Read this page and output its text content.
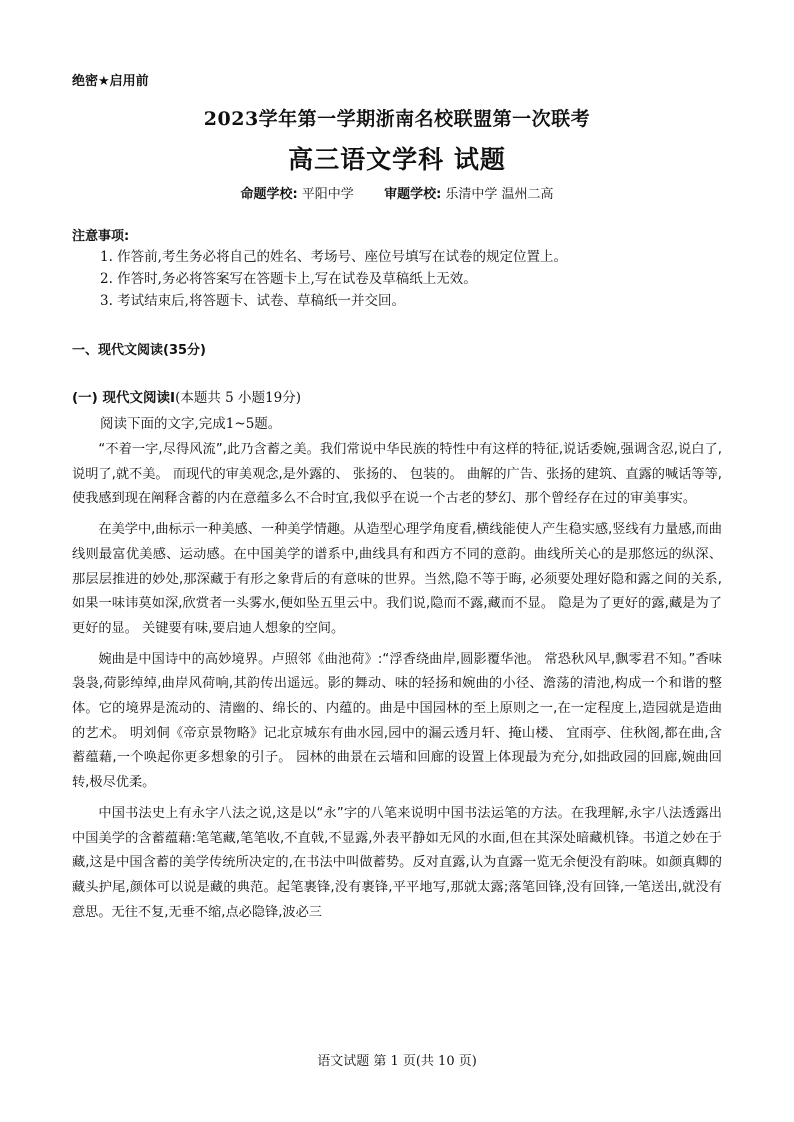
绝密★启用前
2023学年第一学期浙南名校联盟第一次联考
高三语文学科 试题
命题学校: 平阳中学 审题学校: 乐清中学 温州二高
注意事项:
1. 作答前,考生务必将自己的姓名、考场号、座位号填写在试卷的规定位置上。
2. 作答时,务必将答案写在答题卡上,写在试卷及草稿纸上无效。
3. 考试结束后,将答题卡、试卷、草稿纸一并交回。
一、现代文阅读(35分)
(一) 现代文阅读Ⅰ(本题共 5 小题19分)
阅读下面的文字,完成1~5题。

“不着一字,尽得风流”,此乃含蓄之美。我们常说中华民族的特性中有这样的特征,说话委婉,强调含忍,说白了,说明了,就不美。 而现代的审美观念,是外露的、 张扬的、 包装的。 曲解的广告、张扬的建筑、直露的喊话等等,使我感到现在阐释含蓄的内在意蕴多么不合时宜,我似乎在说一个古老的梦幻、那个曾经存在过的审美事实。

在美学中,曲标示一种美感、一种美学情趣。从造型心理学角度看,横线能使人产生稳实感,竖线有力量感,而曲线则最富优美感、运动感。在中国美学的谱系中,曲线具有和西方不同的意韵。曲线所关心的是那悠远的纵深、那层层推进的妙处,那深藏于有形之象背后的有意味的世界。当然,隐不等于晦, 必须要处理好隐和露之间的关系,如果一味讳莫如深,欣赏者一头雾水,便如坠五里云中。我们说,隐而不露,藏而不显。 隐是为了更好的露,藏是为了更好的显。 关键要有味,要启迪人想象的空间。

婉曲是中国诗中的高妙境界。卢照邻《曲池荷》:“浮香绕曲岸,圆影覆华池。 常恐秋风早,飘零君不知。”香味袅袅,荷影绰绰,曲岸风荷响,其韵传出遥远。影的舞动、味的轻扬和婉曲的小径、澹荡的清池,构成一个和谐的整体。它的境界是流动的、清幽的、绵长的、内蕴的。曲是中国园林的至上原则之一,在一定程度上,造园就是造曲的艺术。 明刘侗《帝京景物略》记北京城东有曲水园,园中的漏云透月轩、掩山楼、 宜雨亭、住秋阁,都在曲,含蓄蕴藉,一个唤起你更多想象的引子。 园林的曲景在云墙和回廊的设置上体现最为充分,如拙政园的回廊,婉曲回转,极尽优柔。

中国书法史上有永字八法之说,这是以“永”字的八笔来说明中国书法运笔的方法。在我理解,永字八法透露出中国美学的含蓄蕴藉:笔笔藏,笔笔收,不直戟,不显露,外表平静如无风的水面,但在其深处暗藏机锋。书道之妙在于藏,这是中国含蓄的美学传统所决定的,在书法中叫做蓄势。反对直露,认为直露一览无余便没有韵味。如颜真卿的藏头护尾,颜体可以说是藏的典范。起笔裹锋,没有裹锋,平平地写,那就太露;落笔回锋,没有回锋,一笔送出,就没有意思。无往不复,无垂不缩,点必隐锋,波必三

语文试题 第 1 页(共 10 页)
